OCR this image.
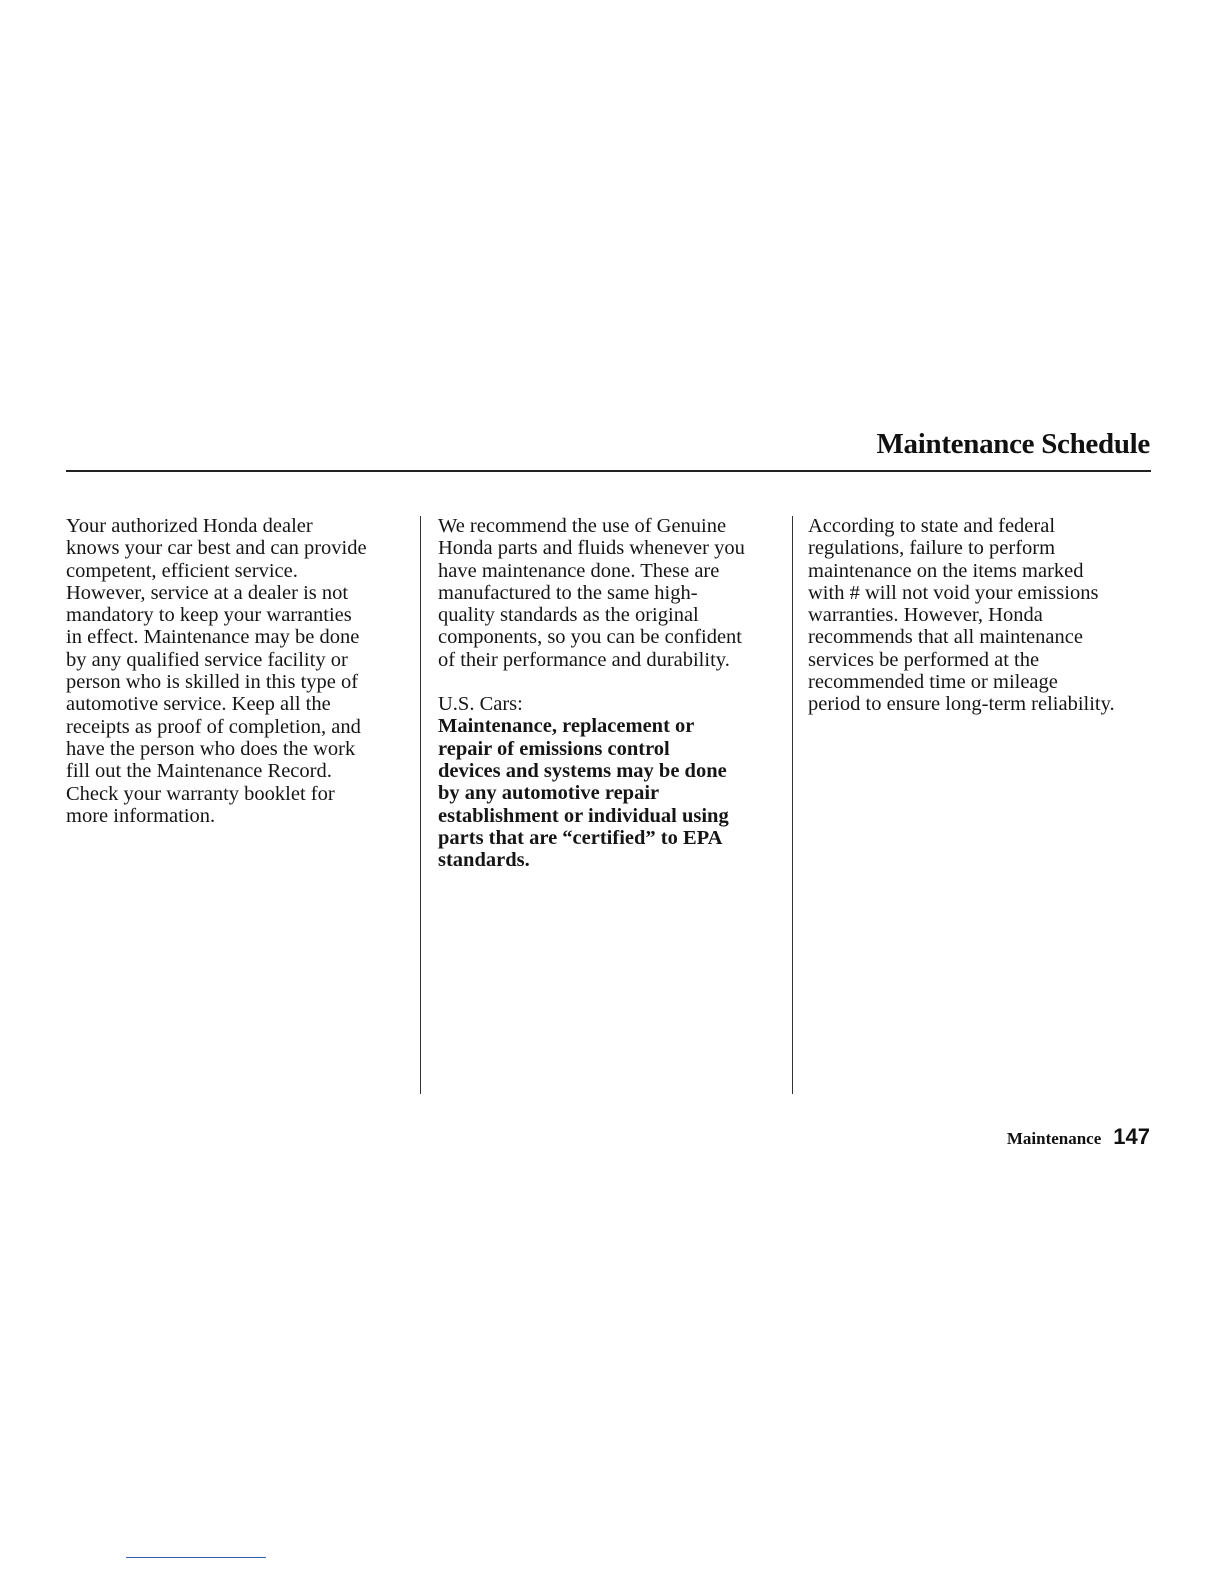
Maintenance Schedule

Your authorized Honda dealer
knows your car best and can provide
competent, efficient service.
However, service at a dealer is not
mandatory to keep your warranties
in effect. Maintenance may be done
by any qualified service facility or
person who is skilled in this type of
automotive service. Keep all the
receipts as proof of completion, and
have the person who does the work
fill out the Maintenance Record.
Check your warranty booklet for
more information.

We recommend the use of Genuine
Honda parts and fluids whenever you
have maintenance done. These are
manufactured to the same high-
quality standards as the original
components, so you can be confident
of their performance and durability.

U.S. Cars:

Maintenance, replacement or
repair of emissions control
devices and systems may be done
by any automotive repair
establishment or individual using
parts that are “certified” to EPA
standards.

According to state and federal
regulations, failure to perform
maintenance on the items marked
with # will not void your emissions
warranties. However, Honda
recommends that all maintenance
services be performed at the
recommended time or mileage
period to ensure long-term reliability.

Maintenance 147
